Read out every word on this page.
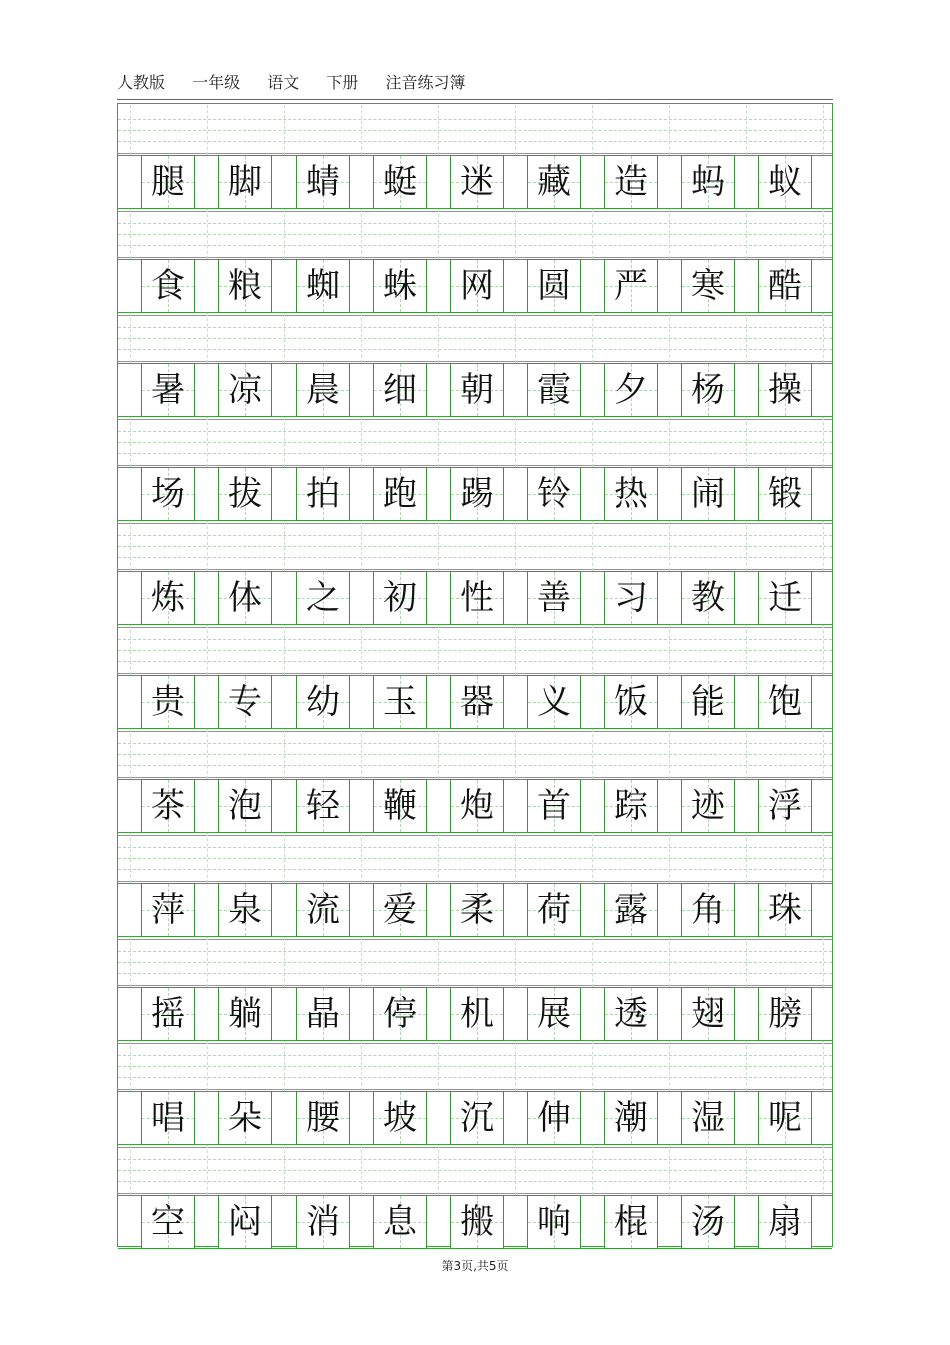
人教版 一年级 语文 下册 注音练习簿
腿 脚 蜻 蜓 迷 藏 造 蚂 蚁
食 粮 蜘 蛛 网 圆 严 寒 酷
暑 凉 晨 细 朝 霞 夕 杨 操
场 拔 拍 跑 踢 铃 热 闹 锻
炼 体 之 初 性 善 习 教 迁
贵 专 幼 玉 器 义 饭 能 饱
茶 泡 轻 鞭 炮 首 踪 迹 浮
萍 泉 流 爱 柔 荷 露 角 珠
摇 躺 晶 停 机 展 透 翅 膀
唱 朵 腰 坡 沉 伸 潮 湿 呢
空 闷 消 息 搬 响 棍 汤 扇
第3页,共5页
